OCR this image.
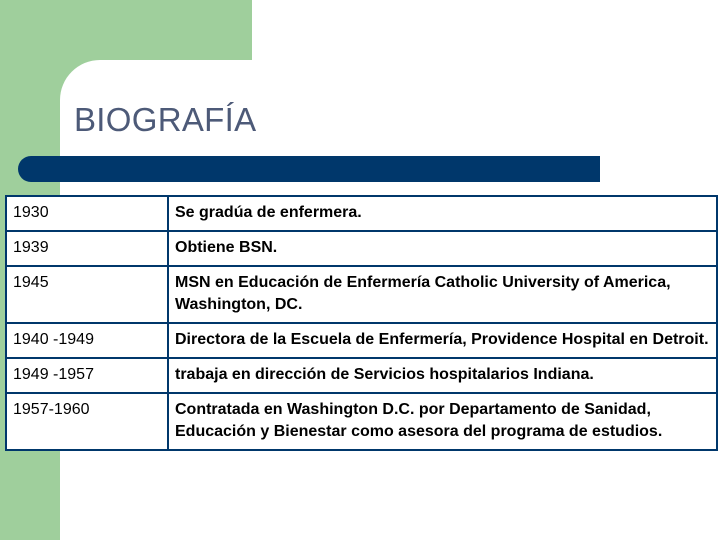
BIOGRAFÍA
1930	Se gradúa de enfermera.
1939	Obtiene BSN.
1945	MSN en Educación de Enfermería Catholic University of America, Washington, DC.
1940 -1949	Directora de la Escuela de Enfermería, Providence Hospital en Detroit.
1949 -1957	trabaja en dirección de Servicios hospitalarios Indiana.
1957-1960	Contratada en Washington D.C. por Departamento de Sanidad, Educación y Bienestar como asesora del programa de estudios.
